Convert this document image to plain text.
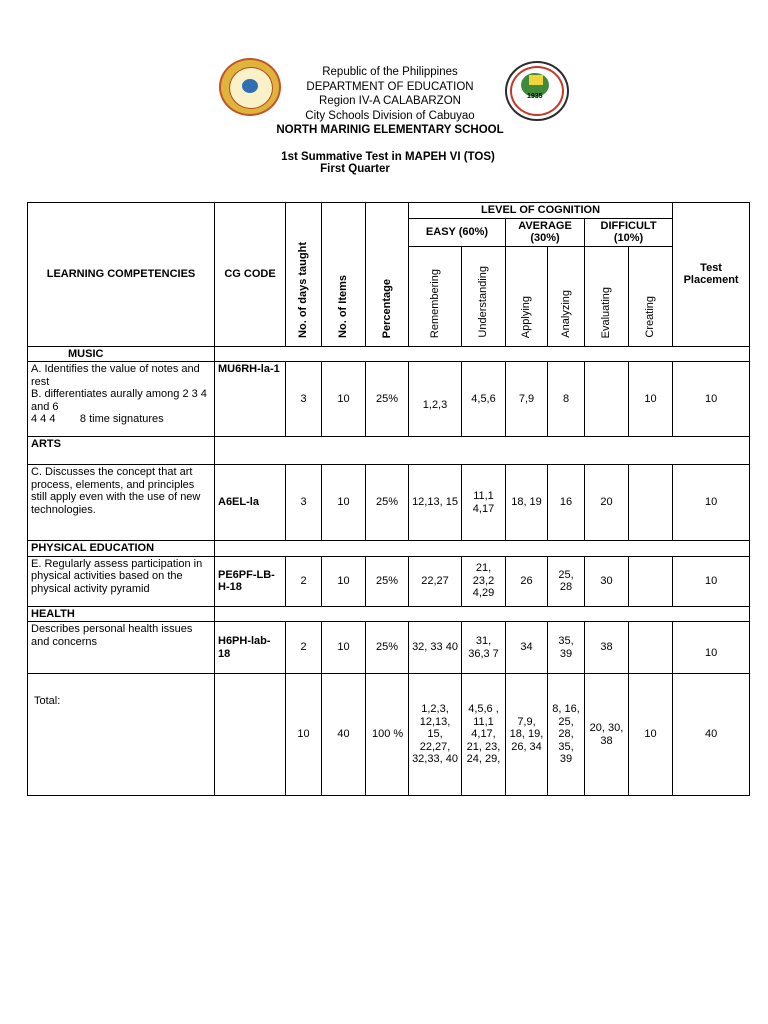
1935
Republic of the Philippines
DEPARTMENT OF EDUCATION
Region IV-A CALABARZON
City Schools Division of Cabuyao
NORTH MARINIG ELEMENTARY SCHOOL
1st Summative Test in MAPEH VI (TOS)
First Quarter
LEARNING COMPETENCIES	CG CODE	No. of days taught	No. of Items	Percentage	LEVEL OF COGNITION						Test Placement
					EASY (60%)		AVERAGE (30%)		DIFFICULT (10%)		
					Remembering	Understanding	Applying	Analyzing	Evaluating	Creating	
MUSIC											

A. Identifies the value of notes and rest
B. differentiates aurally among 2 3 4 and 6
4 4 4        8 time signatures	MU6RH-la-1	3	10	25%	1,2,3	4,5,6	7,9	8		10	10
ARTS											
C. Discusses the concept that art process, elements, and principles still apply even with the use of new technologies.	A6EL-la	3	10	25%	12,13, 15	11,1 4,17	18, 19	16	20		10
PHYSICAL EDUCATION											
E. Regularly assess participation in physical activities based on the physical activity pyramid	PE6PF-LB-H-18	2	10	25%	22,27	21, 23,2 4,29	26	25, 28	30		10
HEALTH											
Describes personal health issues and concerns	H6PH-lab-18	2	10	25%	32, 33 40	31, 36,3 7	34	35, 39	38		10

Total:		10	40	100 %	1,2,3, 12,13, 15, 22,27, 32,33, 40	4,5,6 , 11,1 4,17, 21, 23, 24, 29,	7,9, 18, 19, 26, 34	8, 16, 25, 28, 35, 39	20, 30, 38	10	40
